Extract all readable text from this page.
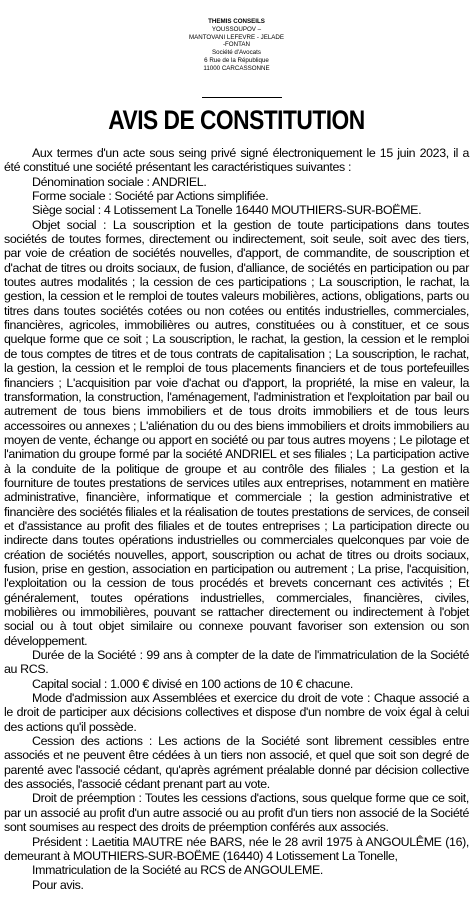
THEMIS CONSEILS
YOUSSOUPOV –
MANTOVANI LEFEVRE - JELADE
-FONTAN
Société d'Avocats
6 Rue de la République
11000 CARCASSONNE
AVIS DE CONSTITUTION

Aux termes d'un acte sous seing privé signé électroniquement le 15 juin 2023, il a été constitué une société présentant les caractéristiques suivantes :

Dénomination sociale : ANDRIEL.

Forme sociale : Société par Actions simplifiée.

Siège social : 4 Lotissement La Tonelle 16440 MOUTHIERS-SUR-BOËME.

Objet social : La souscription et la gestion de toute participations dans toutes sociétés de toutes formes, directement ou indirectement, soit seule, soit avec des tiers, par voie de création de sociétés nouvelles, d'apport, de commandite, de souscription et d'achat de titres ou droits sociaux, de fusion, d'alliance, de sociétés en participation ou par toutes autres modalités ; la cession de ces participations ; La souscription, le rachat, la gestion, la cession et le remploi de toutes valeurs mobilières, actions, obligations, parts ou titres dans toutes sociétés cotées ou non cotées ou entités industrielles, commerciales, financières, agricoles, immobilières ou autres, constituées ou à constituer, et ce sous quelque forme que ce soit ; La souscription, le rachat, la gestion, la cession et le remploi de tous comptes de titres et de tous contrats de capitalisation ; La souscription, le rachat, la gestion, la cession et le remploi de tous placements financiers et de tous portefeuilles financiers ; L'acquisition par voie d'achat ou d'apport, la propriété, la mise en valeur, la transformation, la construction, l'aménagement, l'administration et l'exploitation par bail ou autrement de tous biens immobiliers et de tous droits immobiliers et de tous leurs accessoires ou annexes ; L'aliénation du ou des biens immobiliers et droits immobiliers au moyen de vente, échange ou apport en société ou par tous autres moyens ; Le pilotage et l'animation du groupe formé par la société ANDRIEL et ses filiales ; La participation active à la conduite de la politique de groupe et au contrôle des filiales ; La gestion et la fourniture de toutes prestations de services utiles aux entreprises, notamment en matière administrative, financière, informatique et commerciale ; la gestion administrative et financière des sociétés filiales et la réalisation de toutes prestations de services, de conseil et d'assistance au profit des filiales et de toutes entreprises ; La participation directe ou indirecte dans toutes opérations industrielles ou commerciales quelconques par voie de création de sociétés nouvelles, apport, souscription ou achat de titres ou droits sociaux, fusion, prise en gestion, association en participation ou autrement ; La prise, l'acquisition, l'exploitation ou la cession de tous procédés et brevets concernant ces activités ; Et généralement, toutes opérations industrielles, commerciales, financières, civiles, mobilières ou immobilières, pouvant se rattacher directement ou indirectement à l'objet social ou à tout objet similaire ou connexe pouvant favoriser son extension ou son développement.

Durée de la Société : 99 ans à compter de la date de l'immatriculation de la Société au RCS.

Capital social : 1.000 € divisé en 100 actions de 10 € chacune.

Mode d'admission aux Assemblées et exercice du droit de vote : Chaque associé a le droit de participer aux décisions collectives et dispose d'un nombre de voix égal à celui des actions qu'il possède.

Cession des actions : Les actions de la Société sont librement cessibles entre associés et ne peuvent être cédées à un tiers non associé, et quel que soit son degré de parenté avec l'associé cédant, qu'après agrément préalable donné par décision collective des associés, l'associé cédant prenant part au vote.

Droit de préemption : Toutes les cessions d'actions, sous quelque forme que ce soit, par un associé au profit d'un autre associé ou au profit d'un tiers non associé de la Société sont soumises au respect des droits de préemption conférés aux associés.

Président : Laetitia MAUTRE née BARS, née le 28 avril 1975 à ANGOULÊME (16), demeurant à MOUTHIERS-SUR-BOËME (16440) 4 Lotissement La Tonelle,

Immatriculation de la Société au RCS de ANGOULEME.

Pour avis.
